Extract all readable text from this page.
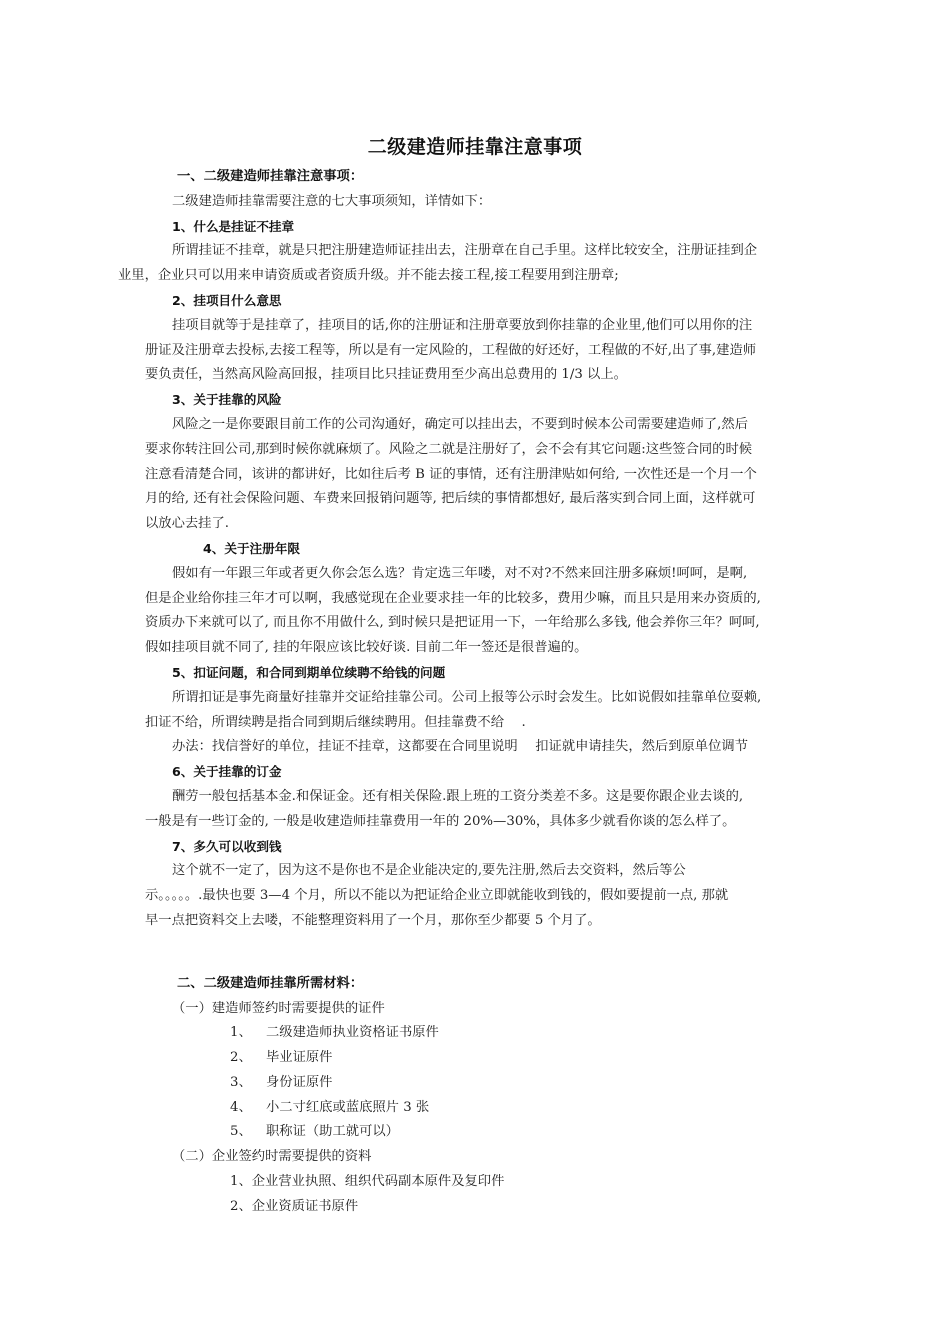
二级建造师挂靠注意事项

一、二级建造师挂靠注意事项：

二级建造师挂靠需要注意的七大事项须知，详情如下：

1、什么是挂证不挂章

所谓挂证不挂章，就是只把注册建造师证挂出去，注册章在自己手里。这样比较安全，注册证挂到企
业里，企业只可以用来申请资质或者资质升级。并不能去接工程,接工程要用到注册章;

2、挂项目什么意思

挂项目就等于是挂章了，挂项目的话,你的注册证和注册章要放到你挂靠的企业里,他们可以用你的注
册证及注册章去投标,去接工程等，所以是有一定风险的，工程做的好还好，工程做的不好,出了事,建造师
要负责任，当然高风险高回报，挂项目比只挂证费用至少高出总费用的 1/3 以上。

3、关于挂靠的风险

风险之一是你要跟目前工作的公司沟通好，确定可以挂出去，不要到时候本公司需要建造师了,然后
要求你转注回公司,那到时候你就麻烦了。风险之二就是注册好了，会不会有其它问题:这些签合同的时候
注意看清楚合同，该讲的都讲好，比如往后考 B 证的事情，还有注册津贴如何给, 一次性还是一个月一个
月的给, 还有社会保险问题、车费来回报销问题等, 把后续的事情都想好, 最后落实到合同上面，这样就可
以放心去挂了.

4、关于注册年限

假如有一年跟三年或者更久你会怎么选？肯定选三年喽，对不对?不然来回注册多麻烦!呵呵，是啊,
但是企业给你挂三年才可以啊，我感觉现在企业要求挂一年的比较多，费用少嘛，而且只是用来办资质的,
资质办下来就可以了, 而且你不用做什么, 到时候只是把证用一下，一年给那么多钱, 他会养你三年？呵呵,
假如挂项目就不同了, 挂的年限应该比较好谈. 目前二年一签还是很普遍的。

5、扣证问题，和合同到期单位续聘不给钱的问题

所谓扣证是事先商量好挂靠并交证给挂靠公司。公司上报等公示时会发生。比如说假如挂靠单位耍赖,
扣证不给，所谓续聘是指合同到期后继续聘用。但挂靠费不给 　.
办法：找信誉好的单位，挂证不挂章，这都要在合同里说明 　扣证就申请挂失，然后到原单位调节

6、关于挂靠的订金

酬劳一般包括基本金.和保证金。还有相关保险.跟上班的工资分类差不多。这是要你跟企业去谈的,
一般是有一些订金的, 一般是收建造师挂靠费用一年的 20%—30%，具体多少就看你谈的怎么样了。

7、多久可以收到钱

这个就不一定了，因为这不是你也不是企业能决定的,要先注册,然后去交资料，然后等公
示。。。。。.最快也要 3—4 个月，所以不能以为把证给企业立即就能收到钱的，假如要提前一点, 那就
早一点把资料交上去喽，不能整理资料用了一个月，那你至少都要 5 个月了。

二、二级建造师挂靠所需材料：

（一）建造师签约时需要提供的证件

1、 二级建造师执业资格证书原件

2、 毕业证原件

3、 身份证原件

4、 小二寸红底或蓝底照片 3 张

5、 职称证（助工就可以）

（二）企业签约时需要提供的资料

1、企业营业执照、组织代码副本原件及复印件

2、企业资质证书原件
